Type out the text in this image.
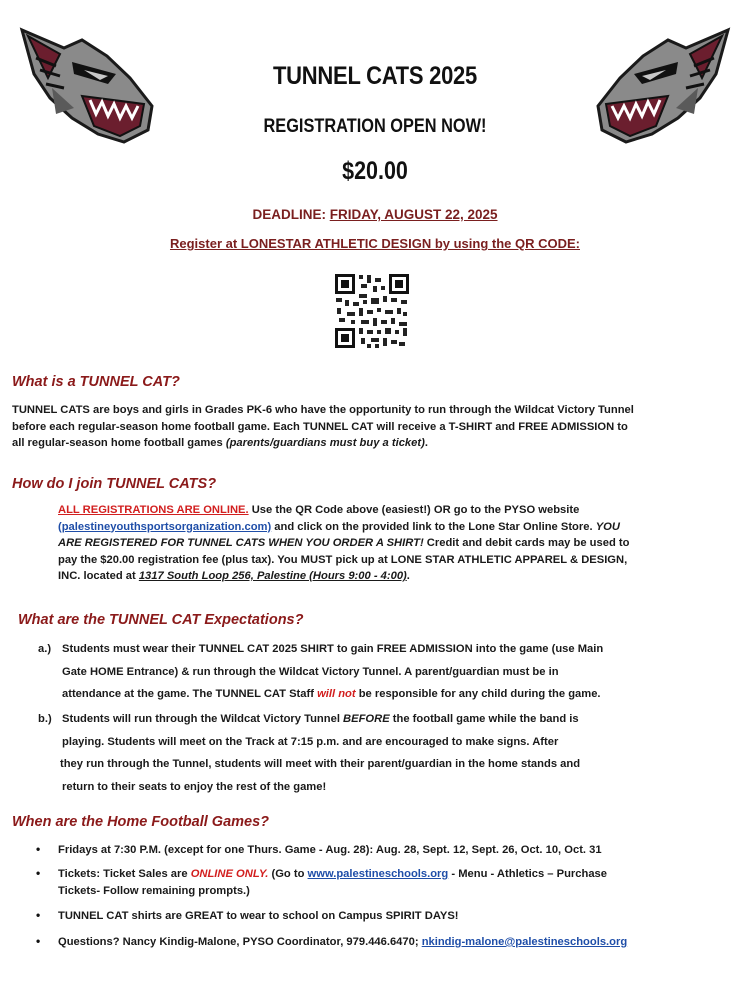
TUNNEL CATS 2025
REGISTRATION OPEN NOW!
$20.00
DEADLINE: FRIDAY, AUGUST 22, 2025
Register at LONESTAR ATHLETIC DESIGN by using the QR CODE:
What is a TUNNEL CAT?
TUNNEL CATS are boys and girls in Grades PK-6 who have the opportunity to run through the Wildcat Victory Tunnel
before each regular-season home football game. Each TUNNEL CAT will receive a T-SHIRT and FREE ADMISSION to
all regular-season home football games (parents/guardians must buy a ticket).
How do I join TUNNEL CATS?
ALL REGISTRATIONS ARE ONLINE. Use the QR Code above (easiest!) OR go to the PYSO website
(palestineyouthsportsorganization.com) and click on the provided link to the Lone Star Online Store. YOU
ARE REGISTERED FOR TUNNEL CATS WHEN YOU ORDER A SHIRT! Credit and debit cards may be used to
pay the $20.00 registration fee (plus tax). You MUST pick up at LONE STAR ATHLETIC APPAREL & DESIGN,
INC. located at 1317 South Loop 256, Palestine (Hours 9:00 - 4:00).
What are the TUNNEL CAT Expectations?
a.) Students must wear their TUNNEL CAT 2025 SHIRT to gain FREE ADMISSION into the game (use Main
Gate HOME Entrance) & run through the Wildcat Victory Tunnel. A parent/guardian must be in
attendance at the game. The TUNNEL CAT Staff will not be responsible for any child during the game.
b.) Students will run through the Wildcat Victory Tunnel BEFORE the football game while the band is
playing. Students will meet on the Track at 7:15 p.m. and are encouraged to make signs. After
they run through the Tunnel, students will meet with their parent/guardian in the home stands and
return to their seats to enjoy the rest of the game!
When are the Home Football Games?
• Fridays at 7:30 P.M. (except for one Thurs. Game - Aug. 28): Aug. 28, Sept. 12, Sept. 26, Oct. 10, Oct. 31
• Tickets: Ticket Sales are ONLINE ONLY. (Go to www.palestineschools.org - Menu - Athletics – Purchase
Tickets- Follow remaining prompts.)
• TUNNEL CAT shirts are GREAT to wear to school on Campus SPIRIT DAYS!
• Questions? Nancy Kindig-Malone, PYSO Coordinator, 979.446.6470; nkindig-malone@palestineschools.org
